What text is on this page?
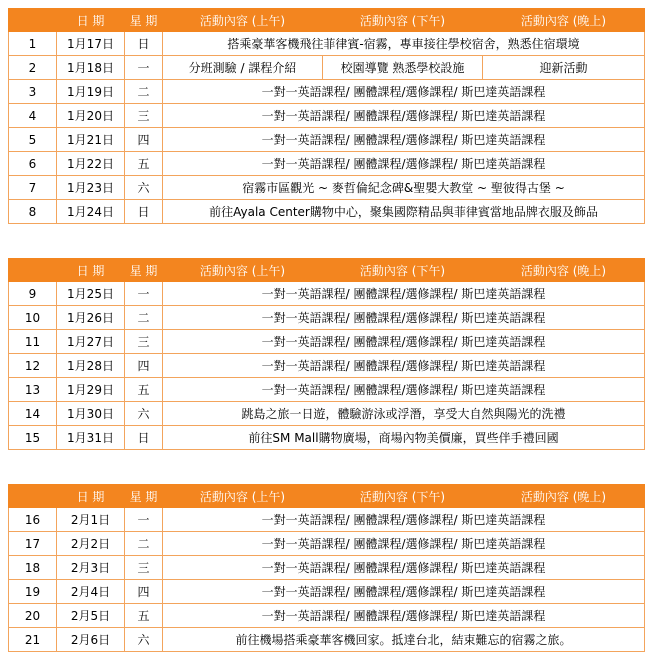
	日 期	星 期	活動內容 (上午)	活動內容 (下午)	活動內容 (晚上)
1	1月17日	日	搭乘豪華客機飛往菲律賓-宿霧，專車接往學校宿舍，熟悉住宿環境		
2	1月18日	一	分班測驗 / 課程介紹	校園導覽 熟悉學校設施	迎新活動
3	1月19日	二	一對一英語課程/ 團體課程/選修課程/ 斯巴達英語課程		
4	1月20日	三	一對一英語課程/ 團體課程/選修課程/ 斯巴達英語課程		
5	1月21日	四	一對一英語課程/ 團體課程/選修課程/ 斯巴達英語課程		
6	1月22日	五	一對一英語課程/ 團體課程/選修課程/ 斯巴達英語課程		
7	1月23日	六	宿霧市區觀光 ~ 麥哲倫紀念碑&聖嬰大教堂 ~ 聖彼得古堡 ~		
8	1月24日	日	前往Ayala Center購物中心，聚集國際精品與菲律賓當地品牌衣服及飾品		
	日 期	星 期	活動內容 (上午)	活動內容 (下午)	活動內容 (晚上)
9	1月25日	一	一對一英語課程/ 團體課程/選修課程/ 斯巴達英語課程		
10	1月26日	二	一對一英語課程/ 團體課程/選修課程/ 斯巴達英語課程		
11	1月27日	三	一對一英語課程/ 團體課程/選修課程/ 斯巴達英語課程		
12	1月28日	四	一對一英語課程/ 團體課程/選修課程/ 斯巴達英語課程		
13	1月29日	五	一對一英語課程/ 團體課程/選修課程/ 斯巴達英語課程		
14	1月30日	六	跳島之旅一日遊，體驗游泳或浮潛，享受大自然與陽光的洗禮		
15	1月31日	日	前往SM Mall購物廣場，商場內物美價廉，買些伴手禮回國		
	日 期	星 期	活動內容 (上午)	活動內容 (下午)	活動內容 (晚上)
16	2月1日	一	一對一英語課程/ 團體課程/選修課程/ 斯巴達英語課程		
17	2月2日	二	一對一英語課程/ 團體課程/選修課程/ 斯巴達英語課程		
18	2月3日	三	一對一英語課程/ 團體課程/選修課程/ 斯巴達英語課程		
19	2月4日	四	一對一英語課程/ 團體課程/選修課程/ 斯巴達英語課程		
20	2月5日	五	一對一英語課程/ 團體課程/選修課程/ 斯巴達英語課程		
21	2月6日	六	前往機場搭乘豪華客機回家。抵達台北，結束難忘的宿霧之旅。		
